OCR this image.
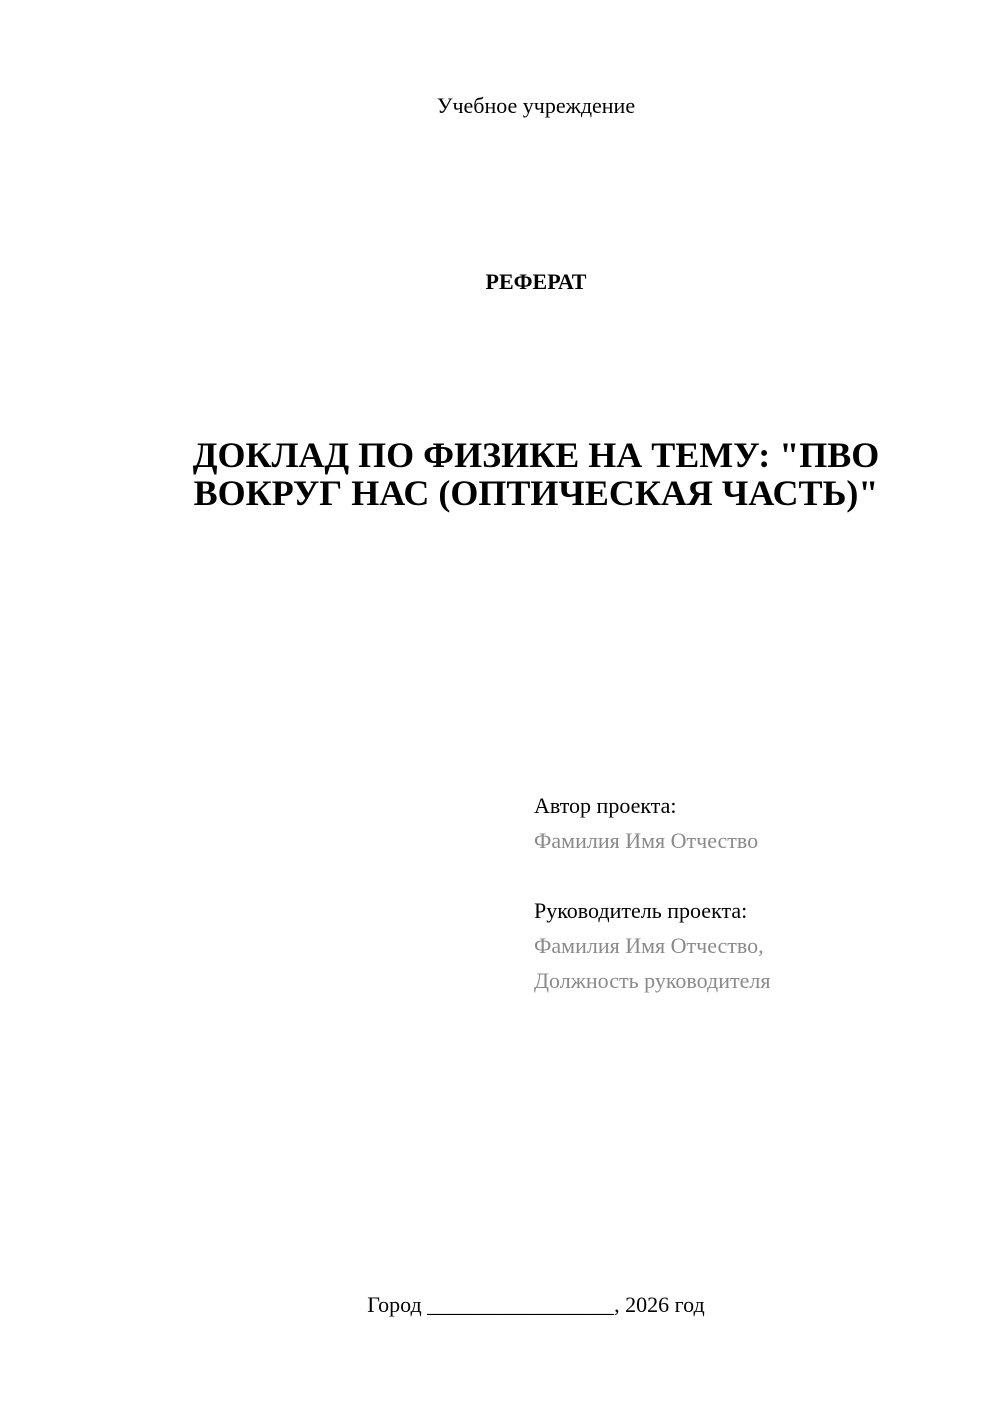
Учебное учреждение
РЕФЕРАТ
ДОКЛАД ПО ФИЗИКЕ НА ТЕМУ: "ПВО
ВОКРУГ НАС (ОПТИЧЕСКАЯ ЧАСТЬ)"
Автор проекта:
Фамилия Имя Отчество
Руководитель проекта:
Фамилия Имя Отчество,
Должность руководителя
Город _________________, 2026 год
